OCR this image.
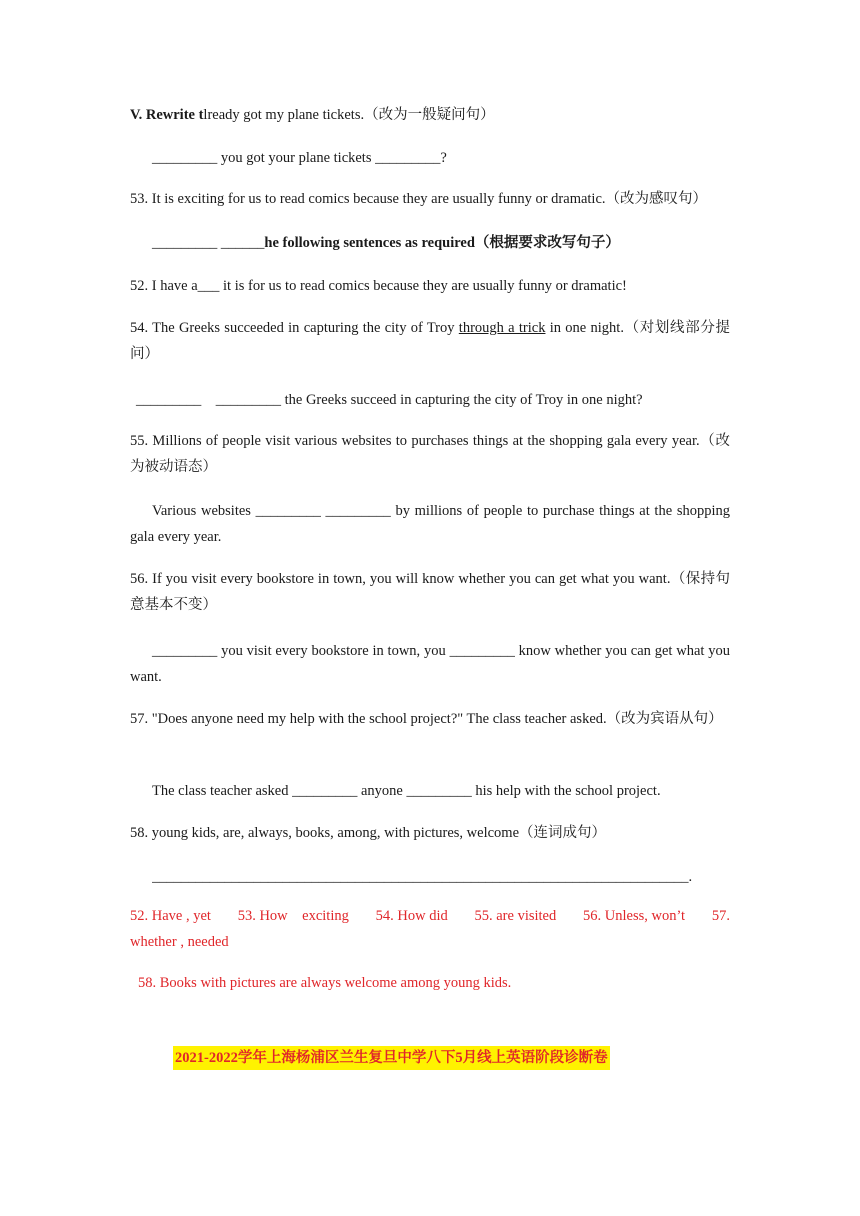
V. Rewrite tlready got my plane tickets.（改为一般疑问句）
_________ you got your plane tickets _________?
53. It is exciting for us to read comics because they are usually funny or dramatic.（改为感叹句）
_________ ______he following sentences as required（根据要求改写句子）
52. I have a___ it is for us to read comics because they are usually funny or dramatic!
54. The Greeks succeeded in capturing the city of Troy through a trick in one night.（对划线部分提问）
_________    _________ the Greeks succeed in capturing the city of Troy in one night?
55. Millions of people visit various websites to purchases things at the shopping gala every year.（改为被动语态）
Various websites _________ _________ by millions of people to purchase things at the shopping gala every year.
56. If you visit every bookstore in town, you will know whether you can get what you want.（保持句意基本不变）
_________ you visit every bookstore in town, you _________ know whether you can get what you want.
57. "Does anyone need my help with the school project?" The class teacher asked.（改为宾语从句）
The class teacher asked _________ anyone _________ his help with the school project.
58. young kids, are, always, books, among, with pictures, welcome（连词成句）
__________________________________________________________________________.
52. Have , yet 53. How    exciting 54. How did 55. are visited 56. Unless, won’t 57.
whether , needed
58. Books with pictures are always welcome among young kids.
2021-2022学年上海杨浦区兰生复旦中学八下5月线上英语阶段诊断卷
